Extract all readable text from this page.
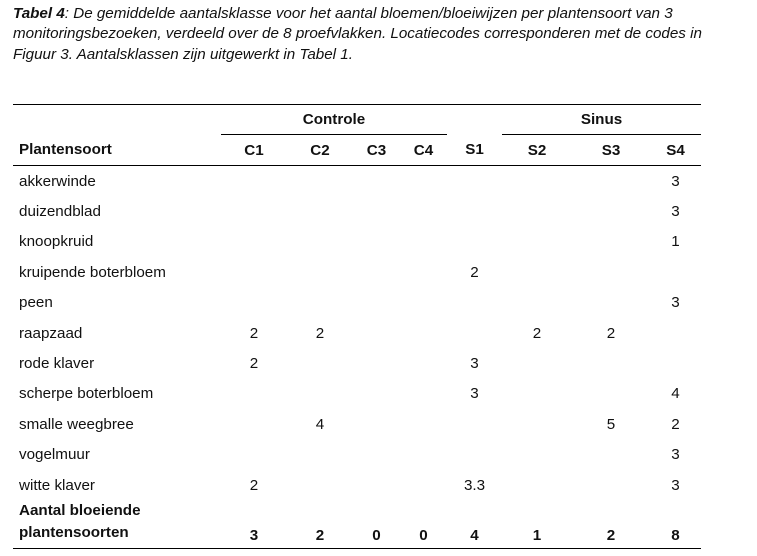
Tabel 4: De gemiddelde aantalsklasse voor het aantal bloemen/bloeiwijzen per plantensoort van 3 monitoringsbezoeken, verdeeld over de 8 proefvlakken. Locatiecodes corresponderen met de codes in Figuur 3. Aantalsklassen zijn uitgewerkt in Tabel 1.

	Controle					Sinus		
Plantensoort	C1	C2	C3	C4	S1	S2	S3	S4
akkerwinde								3
duizendblad								3
knoopkruid								1
kruipende boterbloem					2			
peen								3
raapzaad	2	2				2	2	
rode klaver	2				3			
scherpe boterbloem					3			4
smalle weegbree		4					5	2
vogelmuur								3
witte klaver	2				3.3			3
Aantal bloeiende plantensoorten	3	2	0	0	4	1	2	8
